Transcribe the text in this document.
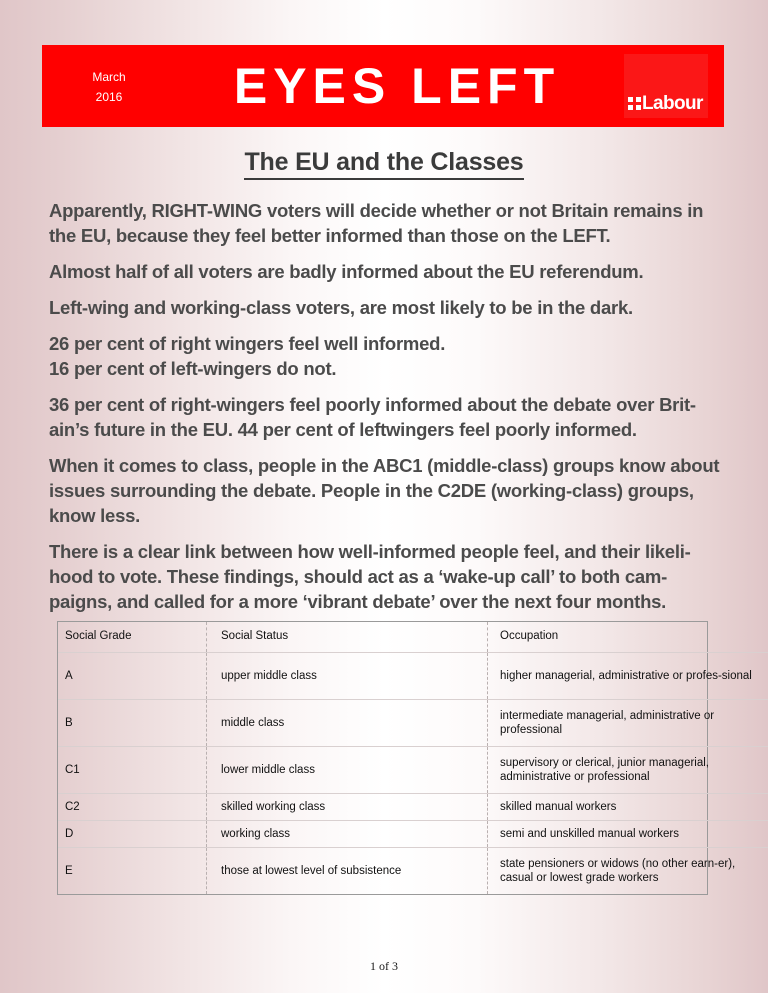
March
2016	EYES LEFT	Labour
The EU and the Classes

Apparently, RIGHT-WING voters will decide whether or not Britain remains in the EU, because they feel better informed than those on the LEFT.

Almost half of all voters are badly informed about the EU referendum.

Left-wing and working-class voters, are most likely to be in the dark.

26 per cent of right wingers feel well informed.

16 per cent of left-wingers do not.

36 per cent of right-wingers feel poorly informed about the debate over Brit-ain’s future in the EU. 44 per cent of leftwingers feel poorly informed.

When it comes to class, people in the ABC1 (middle-class) groups know about issues surrounding the debate. People in the C2DE (working-class) groups, know less.

There is a clear link between how well-informed people feel, and their likeli-hood to vote. These findings, should act as a ‘wake-up call’ to both cam-paigns, and called for a more ‘vibrant debate’ over the next four months.

Social Grade	Social Status	Occupation
A	upper middle class	higher managerial, administrative or profes-sional
B	middle class	intermediate managerial, administrative or professional
C1	lower middle class	supervisory or clerical, junior managerial, administrative or professional
C2	skilled working class	skilled manual workers
D	working class	semi and unskilled manual workers
E	those at lowest level of subsistence	state pensioners or widows (no other earn-er), casual or lowest grade workers
1 of 3
